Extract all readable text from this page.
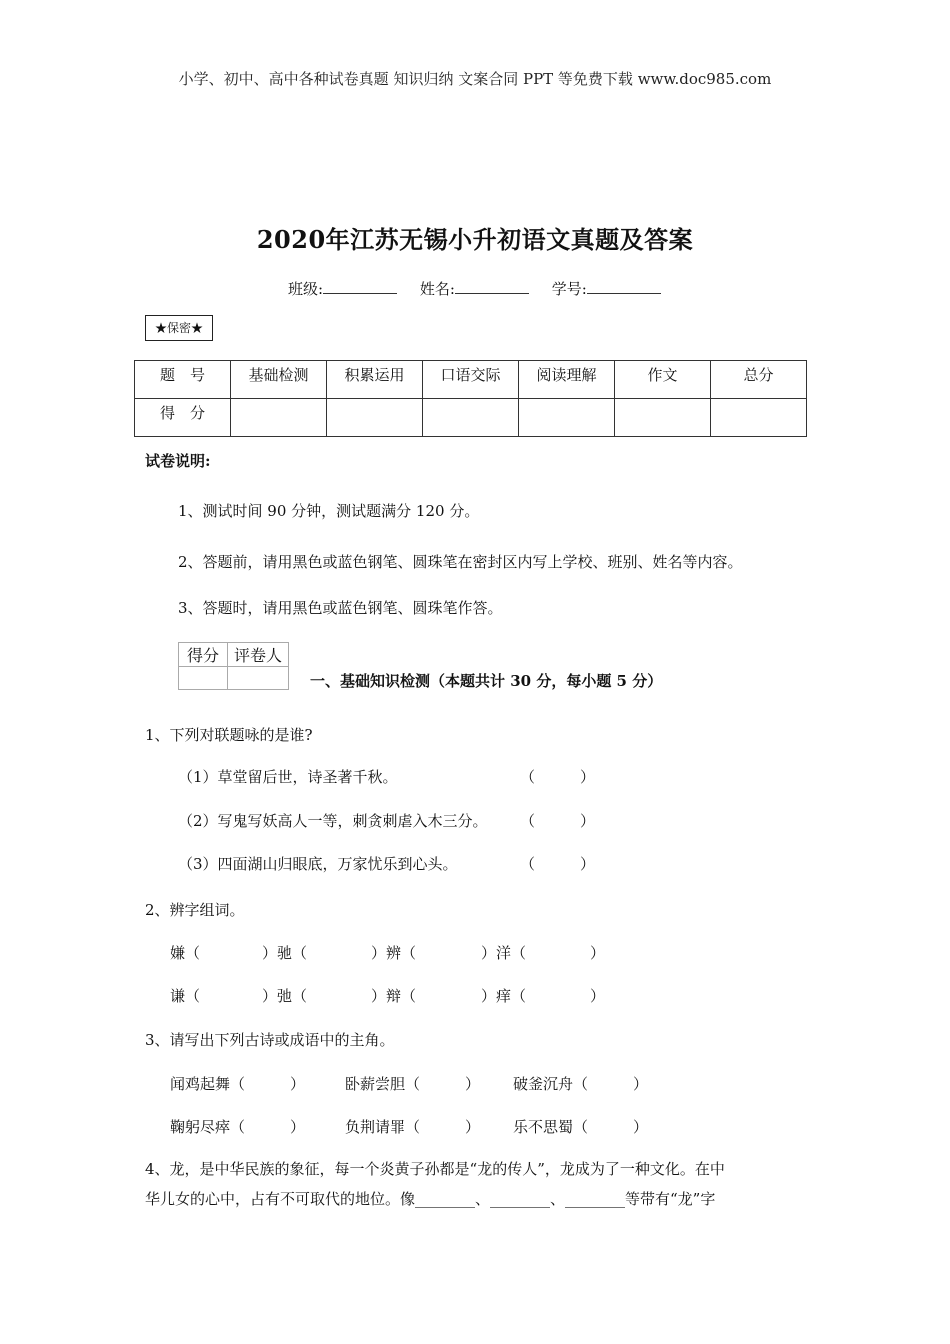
小学、初中、高中各种试卷真题 知识归纳 文案合同 PPT 等免费下载 www.doc985.com
2020年江苏无锡小升初语文真题及答案
班级:	姓名:	学号:
★保密★
题　号	基础检测	积累运用	口语交际	阅读理解	作文	总分
得　分						
试卷说明:
1、测试时间 90 分钟，测试题满分 120 分。
2、答题前，请用黑色或蓝色钢笔、圆珠笔在密封区内写上学校、班别、姓名等内容。
3、答题时，请用黑色或蓝色钢笔、圆珠笔作答。
得分	评卷人

一、基础知识检测（本题共计 30 分，每小题 5 分）
1、下列对联题咏的是谁?
（1）草堂留后世，诗圣著千秋。	（　　　）
（2）写鬼写妖高人一等，刺贪刺虐入木三分。 （　　　）
（3）四面湖山归眼底，万家忧乐到心头。	（　　　）
2、辨字组词。
嫌（	）驰（	）辨（	）洋（	）
谦（	）弛（	）辩（	）痒（	）
3、请写出下列古诗或成语中的主角。
闻鸡起舞（　　　）	卧薪尝胆（　　　） 破釜沉舟（　　　）
鞠躬尽瘁（　　　）	负荆请罪（　　　） 乐不思蜀（　　　）
4、龙，是中华民族的象征，每一个炎黄子孙都是“龙的传人”，龙成为了一种文化。在中
华儿女的心中，占有不可取代的地位。像________、________、________等带有“龙”字
